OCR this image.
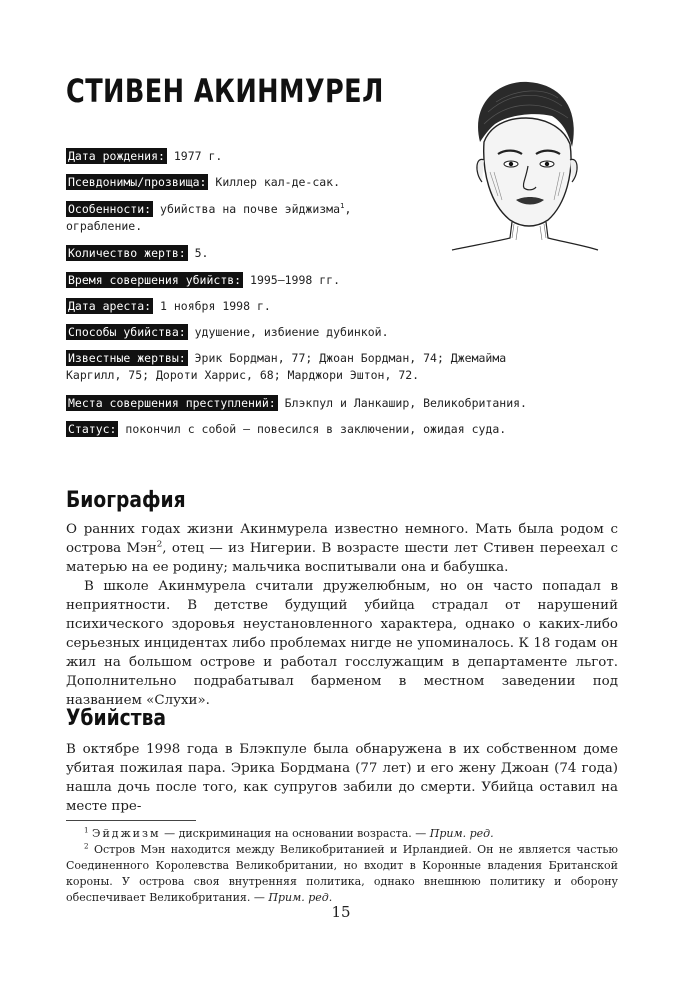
СТИВЕН АКИНМУРЕЛ
Дата рождения: 1977 г.
Псевдонимы/прозвища: Киллер кал-де-сак.
Особенности: убийства на почве эйджизма$^1$,
ограбление.
Количество жертв: 5.
Время совершения убийств: 1995–1998 гг.
Дата ареста: 1 ноября 1998 г.
Способы убийства: удушение, избиение дубинкой.
Известные жертвы: Эрик Бордман, 77; Джоан Бордман, 74; Джемайма
Каргилл, 75; Дороти Харрис, 68; Марджори Эштон, 72.
Места совершения преступлений: Блэкпул и Ланкашир, Великобритания.
Статус: покончил с собой — повесился в заключении, ожидая суда.
Биография

О ранних годах жизни Акинмурела известно немного. Мать была родом с острова Мэн$^2$, отец — из Нигерии. В возрасте шести лет Стивен переехал с матерью на ее родину; мальчика воспитывали она и бабушка.

В школе Акинмурела считали дружелюбным, но он часто попадал в неприятности. В детстве будущий убийца страдал от нарушений психического здоровья неустановленного характера, однако о каких-либо серьезных инцидентах либо проблемах нигде не упоминалось. К 18 годам он жил на большом острове и работал госслужащим в департаменте льгот. Дополнительно подрабатывал барменом в местном заведении под названием «Слухи».

Убийства

В октябре 1998 года в Блэкпуле была обнаружена в их собственном доме убитая пожилая пара. Эрика Бордмана (77 лет) и его жену Джоан (74 года) нашла дочь после того, как супругов забили до смерти. Убийца оставил на месте пре-

$^1$ Эйджизм — дискриминация на основании возраста. — Прим. ред.

$^2$ Остров Мэн находится между Великобританией и Ирландией. Он не является частью Соединенного Королевства Великобритании, но входит в Коронные владения Британской короны. У острова своя внутренняя политика, однако внешнюю политику и оборону обеспечивает Великобритания. — Прим. ред.

15
